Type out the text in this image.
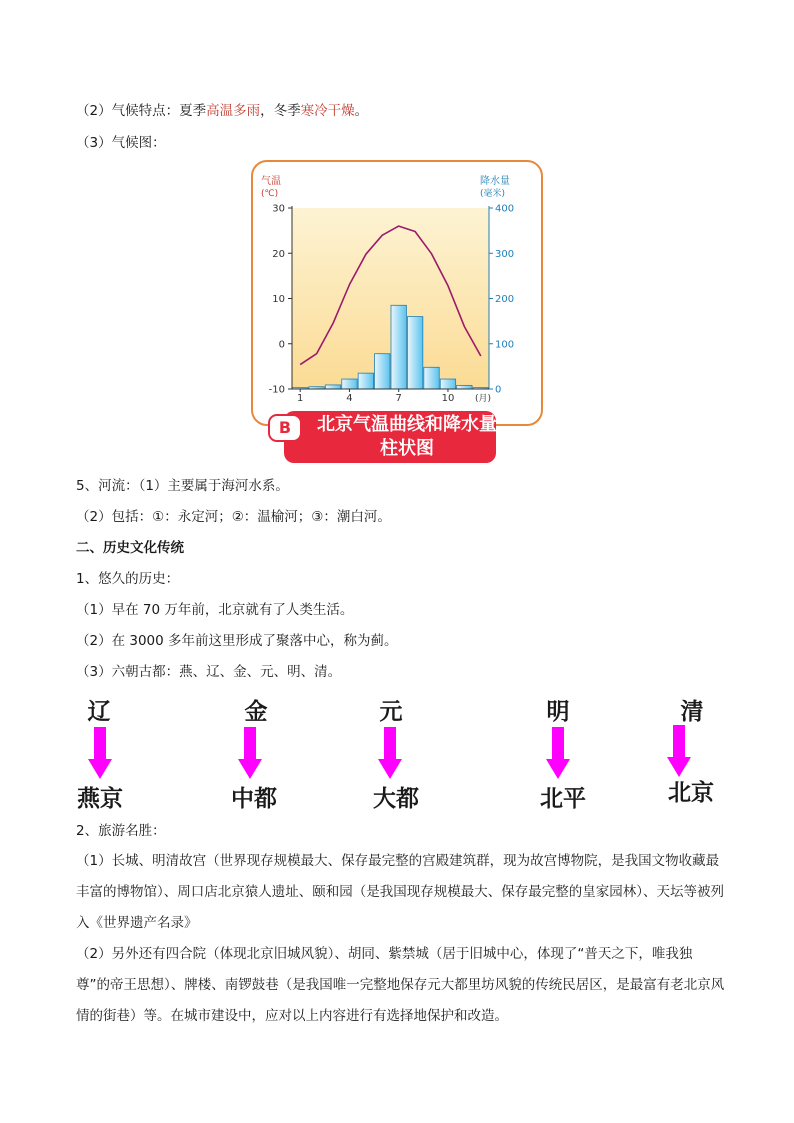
（2）气候特点：夏季高温多雨，冬季寒冷干燥。
（3）气候图：
30
20
10
0
-10
400
300
200
100
0
1	4	7	10 (月)
气温
(℃)
降水量
(毫米)
B	北京气温曲线和降水量柱状图
5、河流：（1）主要属于海河水系。
（2）包括：①：永定河；②：温榆河；③：潮白河。
二、历史文化传统
1、悠久的历史：
（1）早在 70 万年前，北京就有了人类生活。
（2）在 3000 多年前这里形成了聚落中心，称为蓟。
（3）六朝古都：燕、辽、金、元、明、清。
辽	金	元	明	清
燕京	中都	大都	北平	北京
2、旅游名胜：
（1）长城、明清故宫（世界现存规模最大、保存最完整的宫殿建筑群，现为故宫博物院，是我国文物收藏最丰富的博物馆）、周口店北京猿人遗址、颐和园（是我国现存规模最大、保存最完整的皇家园林）、天坛等被列入《世界遗产名录》
（2）另外还有四合院（体现北京旧城风貌）、胡同、紫禁城（居于旧城中心，体现了“普天之下，唯我独尊”的帝王思想）、牌楼、南锣鼓巷（是我国唯一完整地保存元大都里坊风貌的传统民居区，是最富有老北京风情的街巷）等。在城市建设中，应对以上内容进行有选择地保护和改造。
